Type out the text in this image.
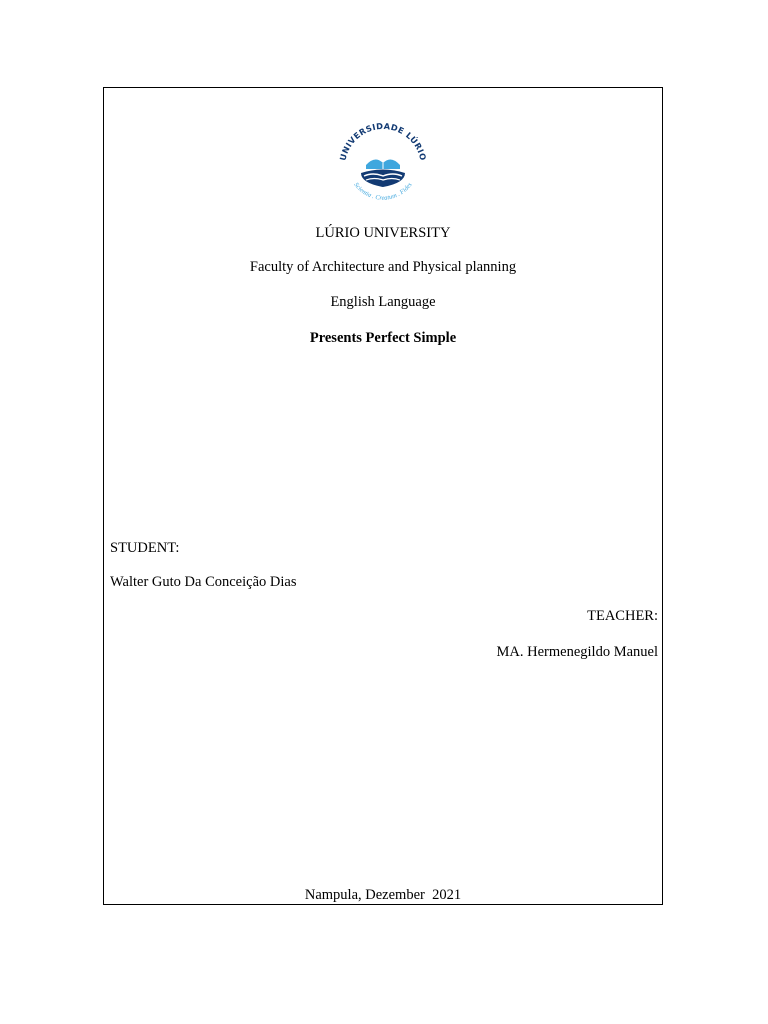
UNIVERSIDADE LÚRIO
Scientia . Creatum . Fides
LÚRIO UNIVERSITY
Faculty of Architecture and Physical planning
English Language
Presents Perfect Simple
STUDENT:
Walter Guto Da Conceição Dias
TEACHER:
MA. Hermenegildo Manuel
Nampula, Dezember  2021
